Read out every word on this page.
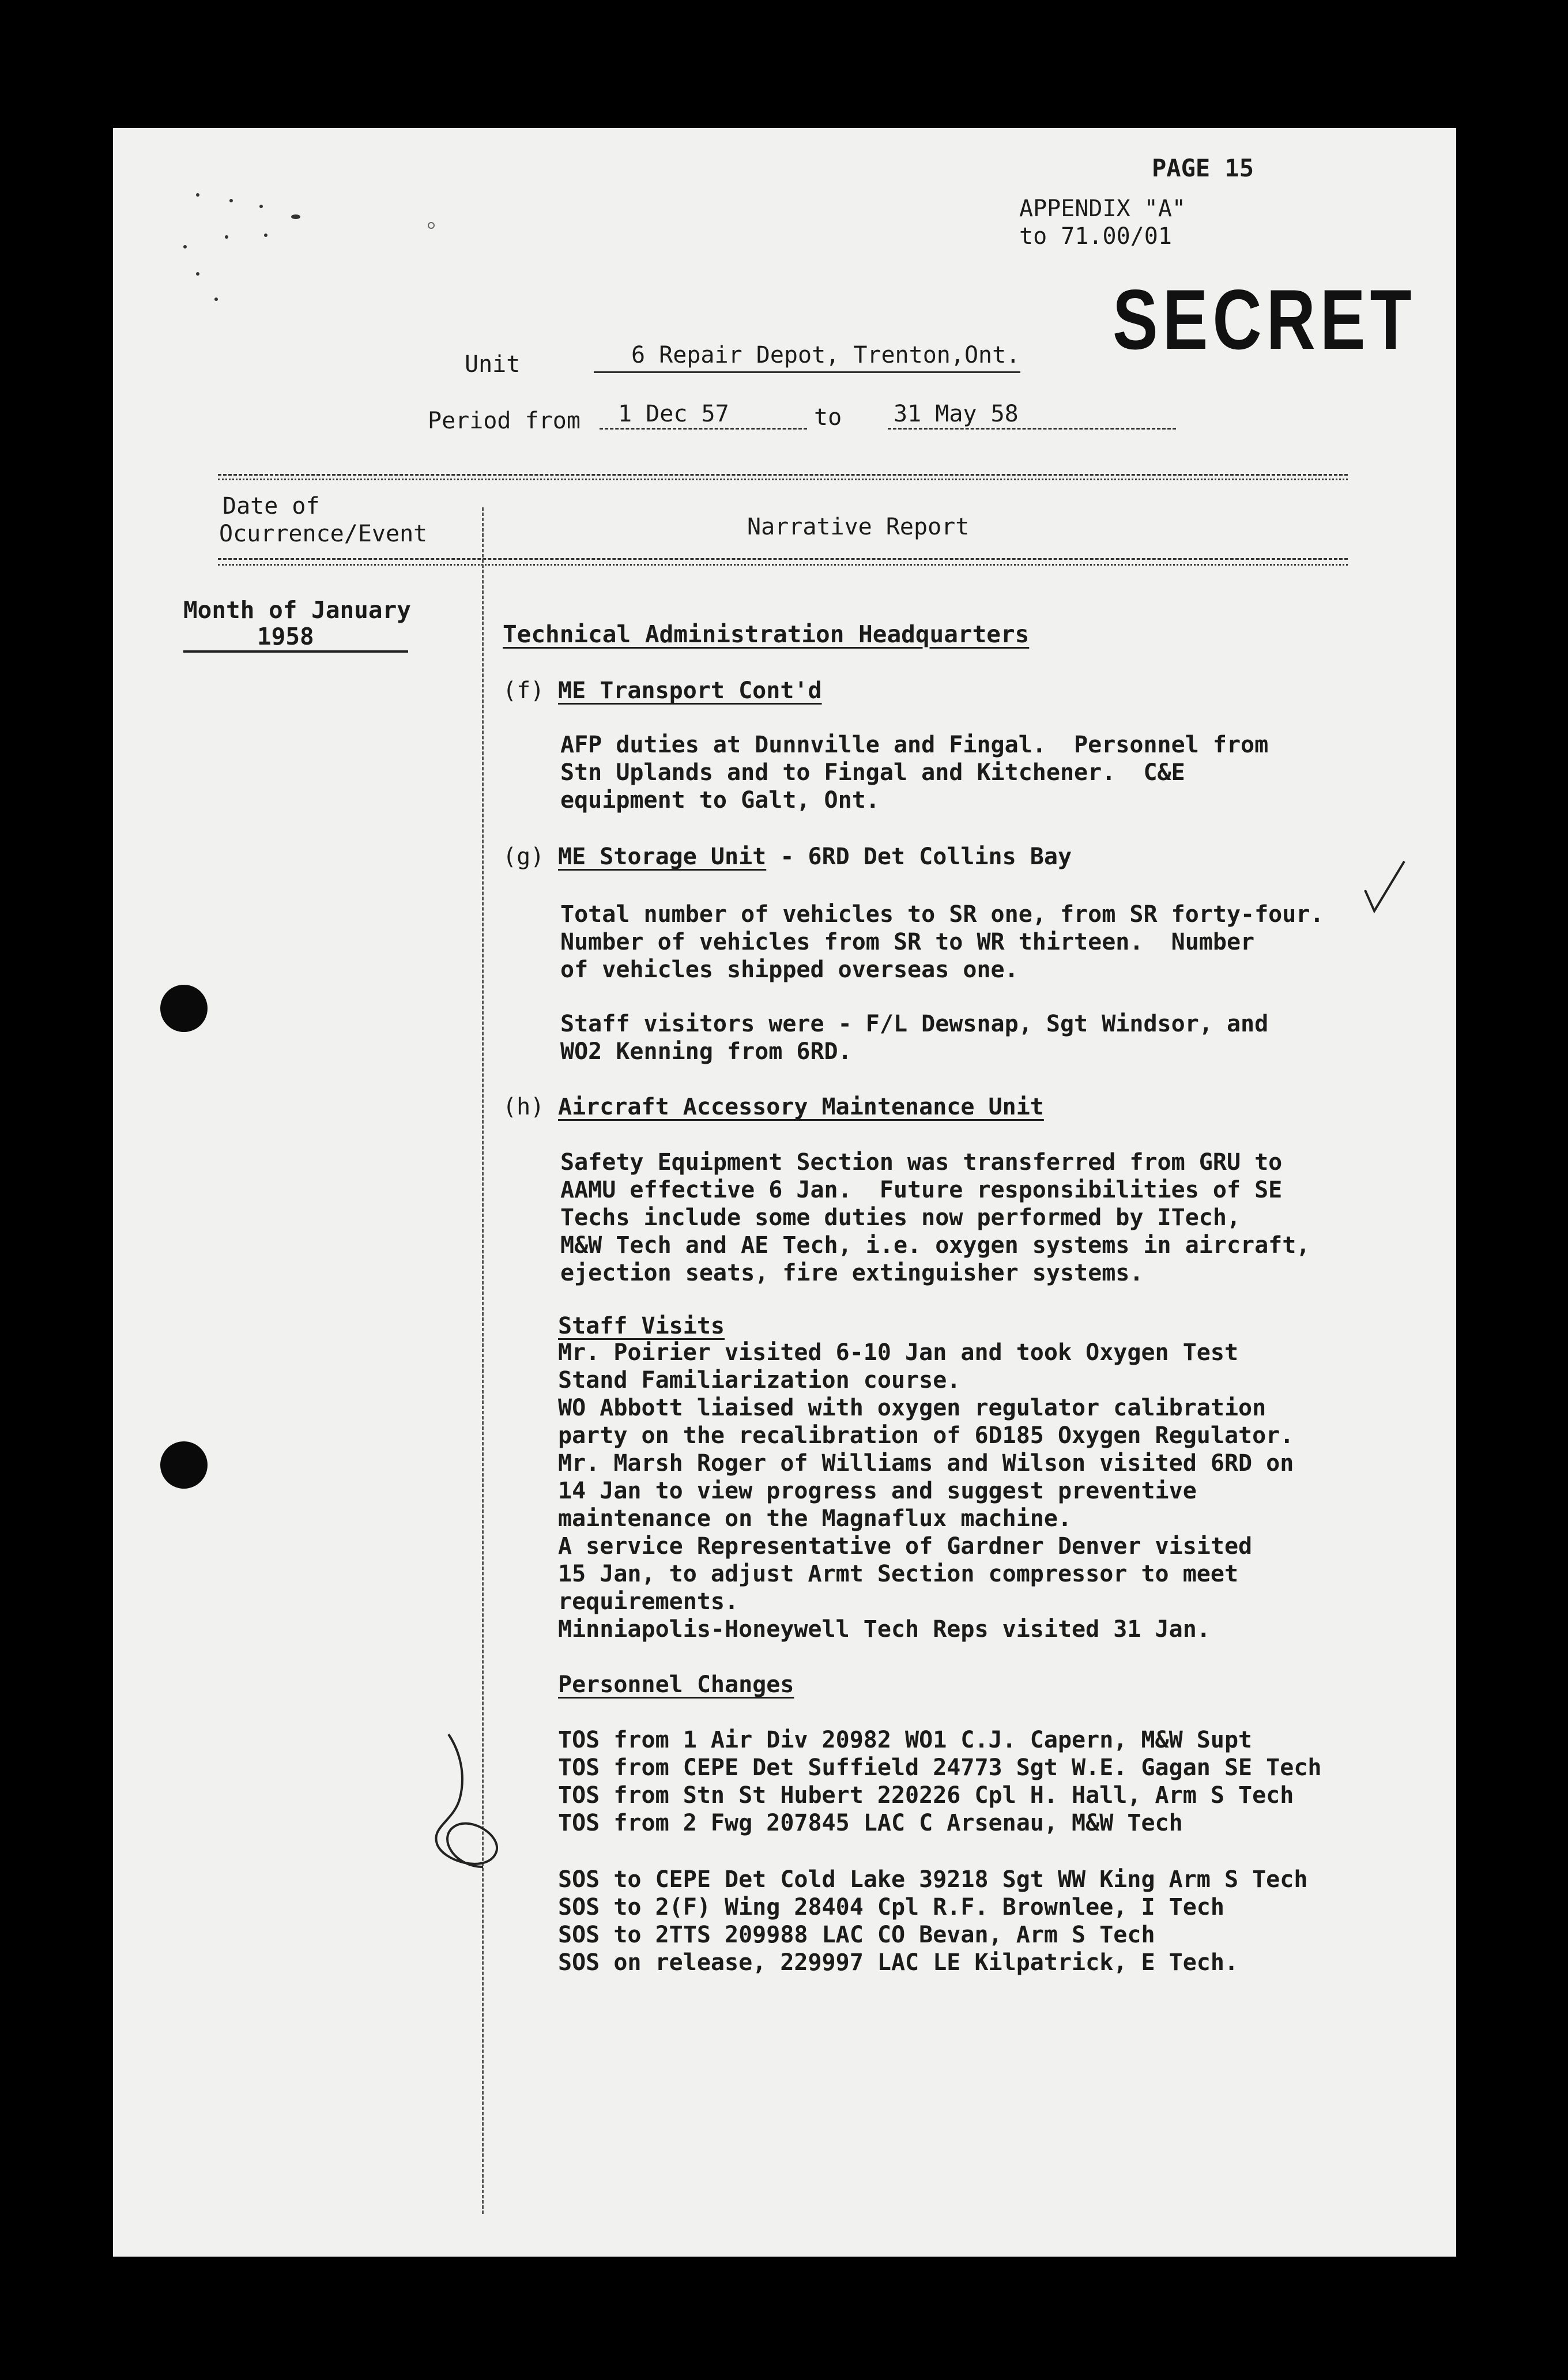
PAGE 15
APPENDIX "A"
to 71.00/01
SECRET
Unit	6 Repair Depot, Trenton,Ont.
Period from 1 Dec 57	to 31 May 58
Date of
Ocurrence/Event	Narrative Report
Month of January
1958	Technical Administration Headquarters
(f) ME Transport Cont'd
AFP duties at Dunnville and Fingal.  Personnel from
Stn Uplands and to Fingal and Kitchener.  C&E
equipment to Galt, Ont.
(g) ME Storage Unit - 6RD Det Collins Bay
Total number of vehicles to SR one, from SR forty-four.
Number of vehicles from SR to WR thirteen.  Number
of vehicles shipped overseas one.
Staff visitors were - F/L Dewsnap, Sgt Windsor, and
WO2 Kenning from 6RD.
(h) Aircraft Accessory Maintenance Unit
Safety Equipment Section was transferred from GRU to
AAMU effective 6 Jan.  Future responsibilities of SE
Techs include some duties now performed by ITech,
M&W Tech and AE Tech, i.e. oxygen systems in aircraft,
ejection seats, fire extinguisher systems.
Staff Visits
Mr. Poirier visited 6-10 Jan and took Oxygen Test
Stand Familiarization course.
WO Abbott liaised with oxygen regulator calibration
party on the recalibration of 6D185 Oxygen Regulator.
Mr. Marsh Roger of Williams and Wilson visited 6RD on
14 Jan to view progress and suggest preventive
maintenance on the Magnaflux machine.
A service Representative of Gardner Denver visited
15 Jan, to adjust Armt Section compressor to meet
requirements.
Minniapolis-Honeywell Tech Reps visited 31 Jan.
Personnel Changes
TOS from 1 Air Div 20982 WO1 C.J. Capern, M&W Supt
TOS from CEPE Det Suffield 24773 Sgt W.E. Gagan SE Tech
TOS from Stn St Hubert 220226 Cpl H. Hall, Arm S Tech
TOS from 2 Fwg 207845 LAC C Arsenau, M&W Tech
SOS to CEPE Det Cold Lake 39218 Sgt WW King Arm S Tech
SOS to 2(F) Wing 28404 Cpl R.F. Brownlee, I Tech
SOS to 2TTS 209988 LAC CO Bevan, Arm S Tech
SOS on release, 229997 LAC LE Kilpatrick, E Tech.
